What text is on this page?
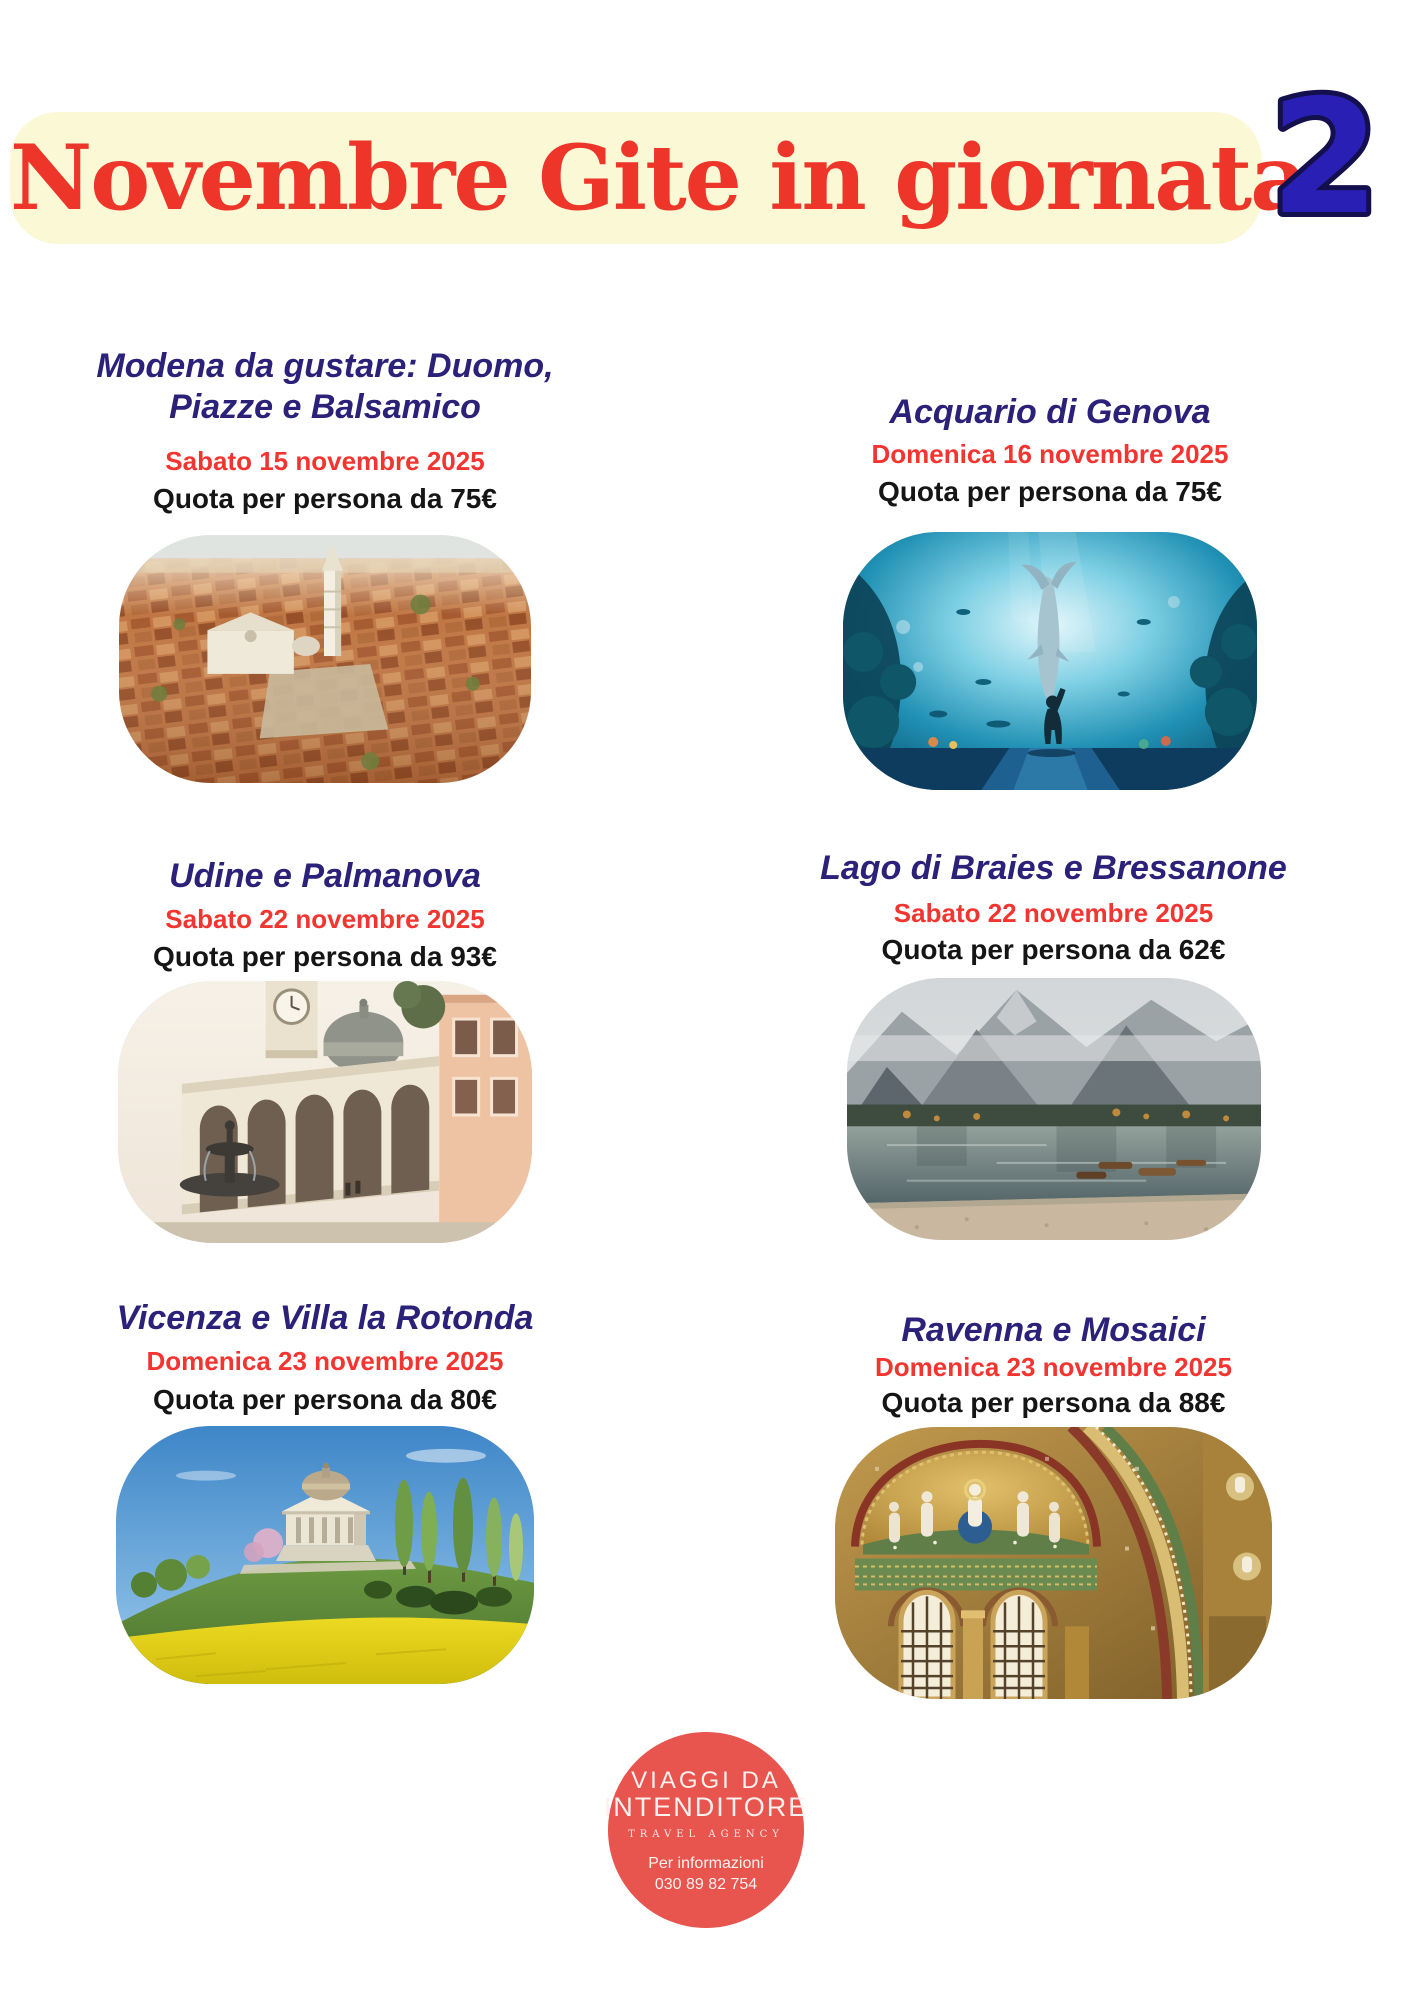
Novembre Gite in giornata
2
Modena da gustare: Duomo, Piazze e Balsamico

Sabato 15 novembre 2025

Quota per persona da 75€

Acquario di Genova

Domenica 16 novembre 2025

Quota per persona da 75€

Udine e Palmanova

Sabato 22 novembre 2025

Quota per persona da 93€

Lago di Braies e Bressanone

Sabato 22 novembre 2025

Quota per persona da 62€

Vicenza e Villa la Rotonda

Domenica 23 novembre 2025

Quota per persona da 80€

Ravenna e Mosaici

Domenica 23 novembre 2025

Quota per persona da 88€

VIAGGI DA
INTENDITORE
TRAVEL AGENCY
Per informazioni
030 89 82 754
